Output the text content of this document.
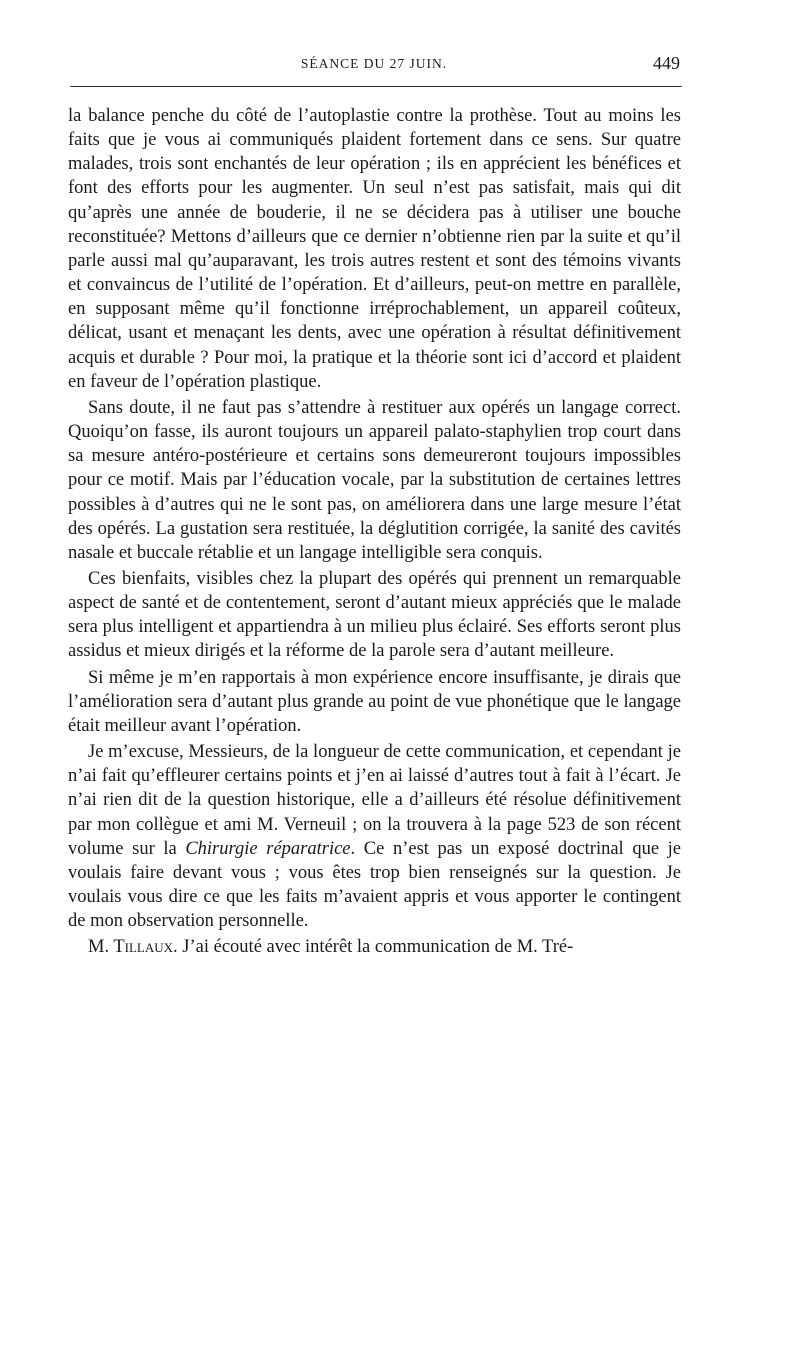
SÉANCE DU 27 JUIN.	449

la balance penche du côté de l’autoplastie contre la prothèse. Tout au moins les faits que je vous ai communiqués plaident fortement dans ce sens. Sur quatre malades, trois sont enchantés de leur opération ; ils en apprécient les bénéfices et font des efforts pour les augmenter. Un seul n’est pas satisfait, mais qui dit qu’après une année de bouderie, il ne se décidera pas à utiliser une bouche reconstituée? Mettons d’ailleurs que ce dernier n’obtienne rien par la suite et qu’il parle aussi mal qu’auparavant, les trois autres restent et sont des témoins vivants et convaincus de l’utilité de l’opération. Et d’ailleurs, peut-on mettre en parallèle, en supposant même qu’il fonctionne irréprochablement, un appareil coûteux, délicat, usant et menaçant les dents, avec une opération à résultat définitivement acquis et durable ? Pour moi, la pratique et la théorie sont ici d’accord et plaident en faveur de l’opération plastique.

Sans doute, il ne faut pas s’attendre à restituer aux opérés un langage correct. Quoiqu’on fasse, ils auront toujours un appareil palato-staphylien trop court dans sa mesure antéro-postérieure et certains sons demeureront toujours impossibles pour ce motif. Mais par l’éducation vocale, par la substitution de certaines lettres possibles à d’autres qui ne le sont pas, on améliorera dans une large mesure l’état des opérés. La gustation sera restituée, la déglutition corrigée, la sanité des cavités nasale et buccale rétablie et un langage intelligible sera conquis.

Ces bienfaits, visibles chez la plupart des opérés qui prennent un remarquable aspect de santé et de contentement, seront d’autant mieux appréciés que le malade sera plus intelligent et appartiendra à un milieu plus éclairé. Ses efforts seront plus assidus et mieux dirigés et la réforme de la parole sera d’autant meilleure.

Si même je m’en rapportais à mon expérience encore insuffisante, je dirais que l’amélioration sera d’autant plus grande au point de vue phonétique que le langage était meilleur avant l’opération.

Je m’excuse, Messieurs, de la longueur de cette communication, et cependant je n’ai fait qu’effleurer certains points et j’en ai laissé d’autres tout à fait à l’écart. Je n’ai rien dit de la question historique, elle a d’ailleurs été résolue définitivement par mon collègue et ami M. Verneuil ; on la trouvera à la page 523 de son récent volume sur la Chirurgie réparatrice. Ce n’est pas un exposé doctrinal que je voulais faire devant vous ; vous êtes trop bien renseignés sur la question. Je voulais vous dire ce que les faits m’avaient appris et vous apporter le contingent de mon observation personnelle.

M. Tillaux. J’ai écouté avec intérêt la communication de M. Tré-
